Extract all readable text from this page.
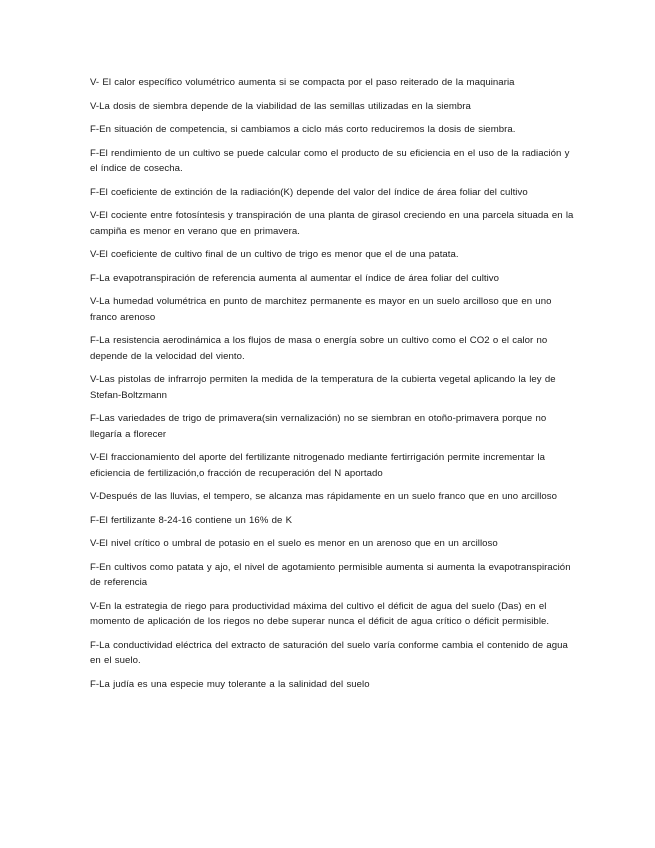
V- El calor específico volumétrico aumenta si se compacta por el paso reiterado de la maquinaria

V-La dosis de siembra depende de la viabilidad de las semillas utilizadas en la siembra

F-En situación de competencia, si cambiamos a ciclo más corto reduciremos la dosis de siembra.

F-El rendimiento de un cultivo se puede calcular como el producto de su eficiencia en el uso de la radiación y el índice de cosecha.

F-El coeficiente de extinción de la radiación(K) depende del valor del índice de área foliar del cultivo

V-El cociente entre fotosíntesis y transpiración de una planta de girasol creciendo en una parcela situada en la campiña es menor en verano que en primavera.

V-El coeficiente de cultivo final de un cultivo de trigo es menor que el de una patata.

F-La evapotranspiración de referencia aumenta al aumentar el índice de área foliar del cultivo

V-La humedad volumétrica en punto de marchitez permanente es mayor en un suelo arcilloso que en uno franco arenoso

F-La resistencia aerodinámica a los flujos de masa o energía sobre un cultivo como el CO2 o el calor no depende de la velocidad del viento.

V-Las pistolas de infrarrojo permiten la medida de la temperatura de la cubierta vegetal aplicando la ley de Stefan-Boltzmann

F-Las variedades de trigo de primavera(sin vernalización) no se siembran en otoño-primavera porque no llegaría a florecer

V-El fraccionamiento del aporte del fertilizante nitrogenado mediante fertirrigación permite incrementar la eficiencia de fertilización,o fracción de recuperación del N aportado

V-Después de las lluvias, el tempero, se alcanza mas rápidamente en un suelo franco que en uno arcilloso

F-El fertilizante 8-24-16 contiene un 16% de K

V-El nivel crítico o umbral de potasio en el suelo es menor en un arenoso que en un arcilloso

F-En cultivos como patata y ajo, el nivel de agotamiento permisible aumenta si aumenta la evapotranspiración de referencia

V-En la estrategia de riego para productividad máxima del cultivo el déficit de agua del suelo (Das) en el momento de aplicación de los riegos no debe superar nunca el déficit de agua crítico o déficit permisible.

F-La conductividad eléctrica del extracto de saturación del suelo varía conforme cambia el contenido de agua en el suelo.

F-La judía es una especie muy tolerante a la salinidad del suelo
